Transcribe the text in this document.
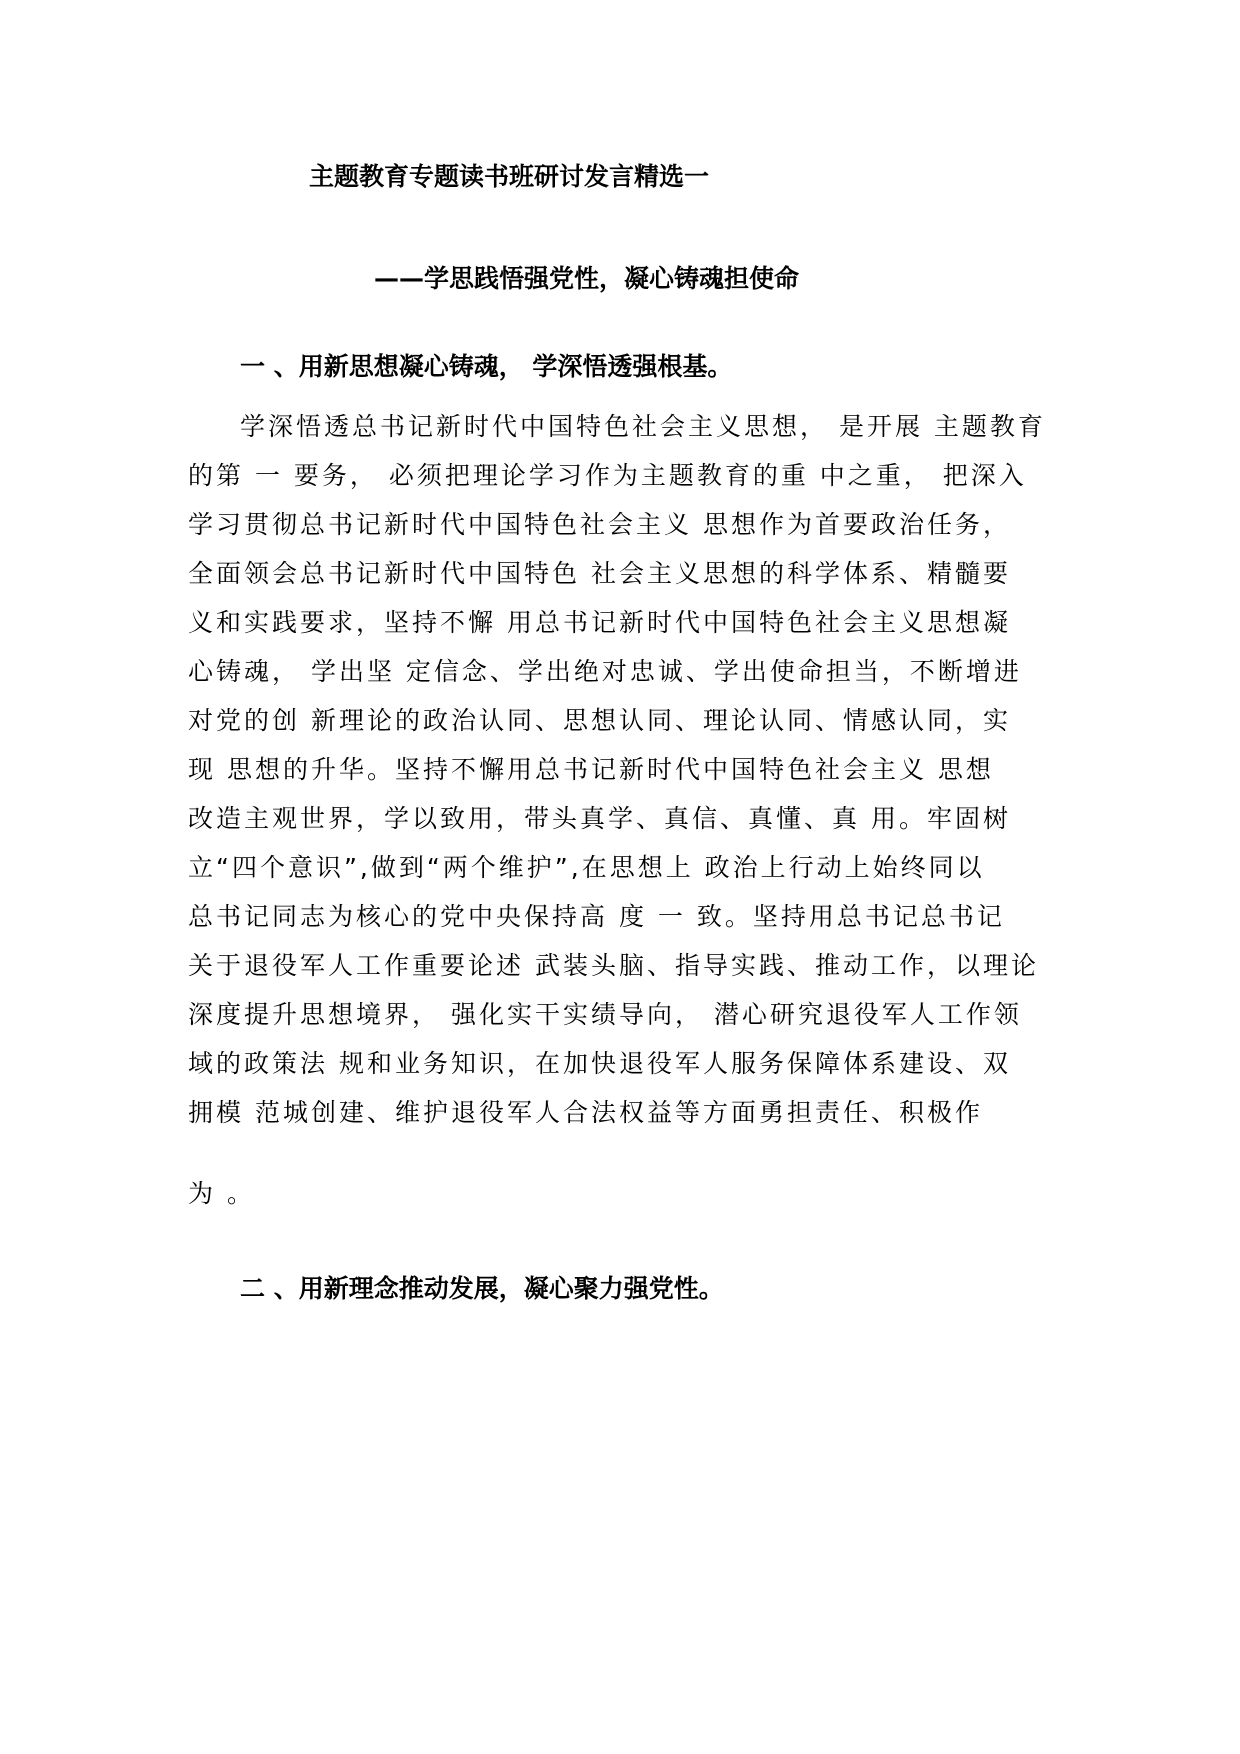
主题教育专题读书班研讨发言精选一
——学思践悟强党性，凝心铸魂担使命
一 、用新思想凝心铸魂， 学深悟透强根基。
学深悟透总书记新时代中国特色社会主义思想， 是开展 主题教育
的第 一 要务， 必须把理论学习作为主题教育的重 中之重， 把深入
学习贯彻总书记新时代中国特色社会主义 思想作为首要政治任务，
全面领会总书记新时代中国特色 社会主义思想的科学体系、精髓要
义和实践要求，坚持不懈 用总书记新时代中国特色社会主义思想凝
心铸魂， 学出坚 定信念、学出绝对忠诚、学出使命担当，不断增进
对党的创 新理论的政治认同、思想认同、理论认同、情感认同，实
现 思想的升华。坚持不懈用总书记新时代中国特色社会主义 思想
改造主观世界，学以致用，带头真学、真信、真懂、真 用。牢固树
立“四个意识”,做到“两个维护”,在思想上 政治上行动上始终同以
总书记同志为核心的党中央保持高 度 一 致。坚持用总书记总书记
关于退役军人工作重要论述 武装头脑、指导实践、推动工作，以理论
深度提升思想境界， 强化实干实绩导向， 潜心研究退役军人工作领
域的政策法 规和业务知识，在加快退役军人服务保障体系建设、双
拥模 范城创建、维护退役军人合法权益等方面勇担责任、积极作
为 。
二 、用新理念推动发展，凝心聚力强党性。
